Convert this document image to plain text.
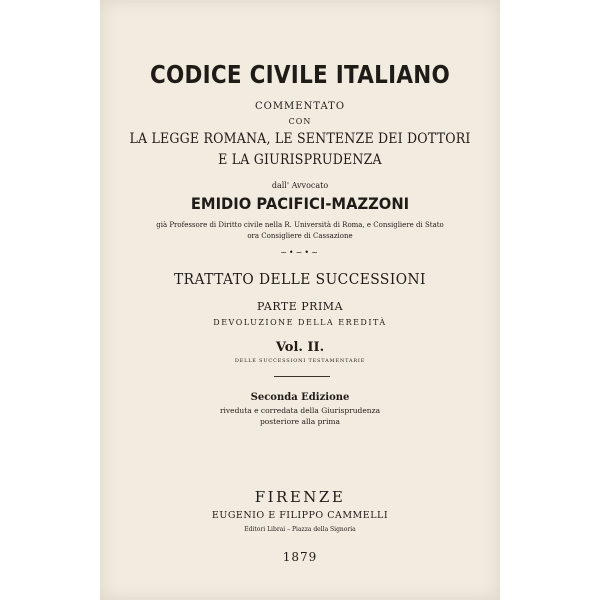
CODICE CIVILE ITALIANO
COMMENTATO
CON
LA LEGGE ROMANA, LE SENTENZE DEI DOTTORI
E LA GIURISPRUDENZA
dall' Avvocato
EMIDIO PACIFICI-MAZZONI
già Professore di Diritto civile nella R. Università di Roma, e Consigliere di Stato
ora Consigliere di Cassazione
~•~•~
TRATTATO DELLE SUCCESSIONI
PARTE PRIMA
DEVOLUZIONE DELLA EREDITÀ
Vol. II.
DELLE SUCCESSIONI TESTAMENTARIE
Seconda Edizione
riveduta e corredata della Giurisprudenza
posteriore alla prima
FIRENZE
EUGENIO E FILIPPO CAMMELLI
Editori Librai – Piazza della Signoria
1879
